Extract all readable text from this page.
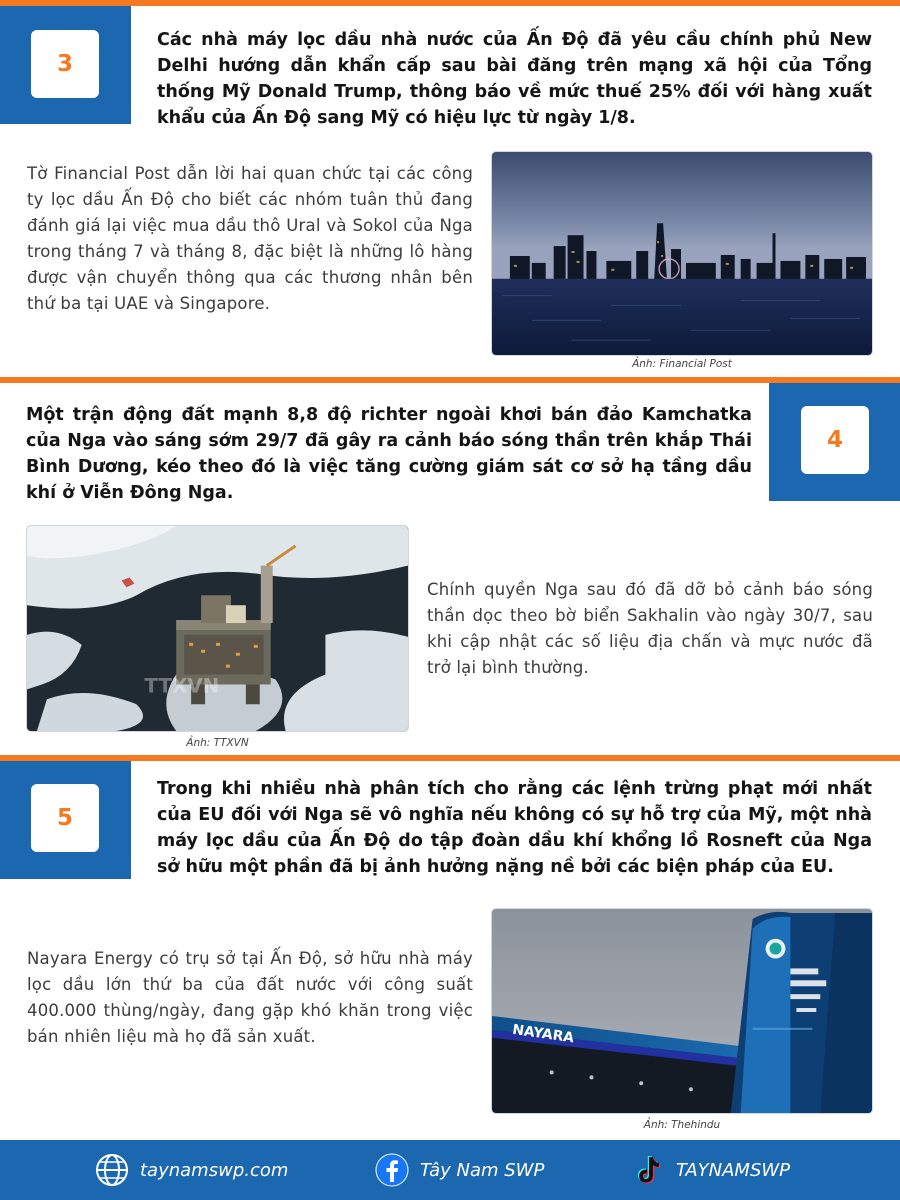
3
Các nhà máy lọc dầu nhà nước của Ấn Độ đã yêu cầu chính phủ New Delhi hướng dẫn khẩn cấp sau bài đăng trên mạng xã hội của Tổng thống Mỹ Donald Trump, thông báo về mức thuế 25% đối với hàng xuất khẩu của Ấn Độ sang Mỹ có hiệu lực từ ngày 1/8.
Tờ Financial Post dẫn lời hai quan chức tại các công ty lọc dầu Ấn Độ cho biết các nhóm tuân thủ đang đánh giá lại việc mua dầu thô Ural và Sokol của Nga trong tháng 7 và tháng 8, đặc biệt là những lô hàng được vận chuyển thông qua các thương nhân bên thứ ba tại UAE và Singapore.
Ảnh: Financial Post
4
Một trận động đất mạnh 8,8 độ richter ngoài khơi bán đảo Kamchatka của Nga vào sáng sớm 29/7 đã gây ra cảnh báo sóng thần trên khắp Thái Bình Dương, kéo theo đó là việc tăng cường giám sát cơ sở hạ tầng dầu khí ở Viễn Đông Nga.
TTXVN
Ảnh: TTXVN
Chính quyền Nga sau đó đã dỡ bỏ cảnh báo sóng thần dọc theo bờ biển Sakhalin vào ngày 30/7, sau khi cập nhật các số liệu địa chấn và mực nước đã trở lại bình thường.
5
Trong khi nhiều nhà phân tích cho rằng các lệnh trừng phạt mới nhất của EU đối với Nga sẽ vô nghĩa nếu không có sự hỗ trợ của Mỹ, một nhà máy lọc dầu của Ấn Độ do tập đoàn dầu khí khổng lồ Rosneft của Nga sở hữu một phần đã bị ảnh hưởng nặng nề bởi các biện pháp của EU.
Nayara Energy có trụ sở tại Ấn Độ, sở hữu nhà máy lọc dầu lớn thứ ba của đất nước với công suất 400.000 thùng/ngày, đang gặp khó khăn trong việc bán nhiên liệu mà họ đã sản xuất.	NAYARA
Ảnh: Thehindu
taynamswp.com	Tây Nam SWP	TAYNAMSWP
